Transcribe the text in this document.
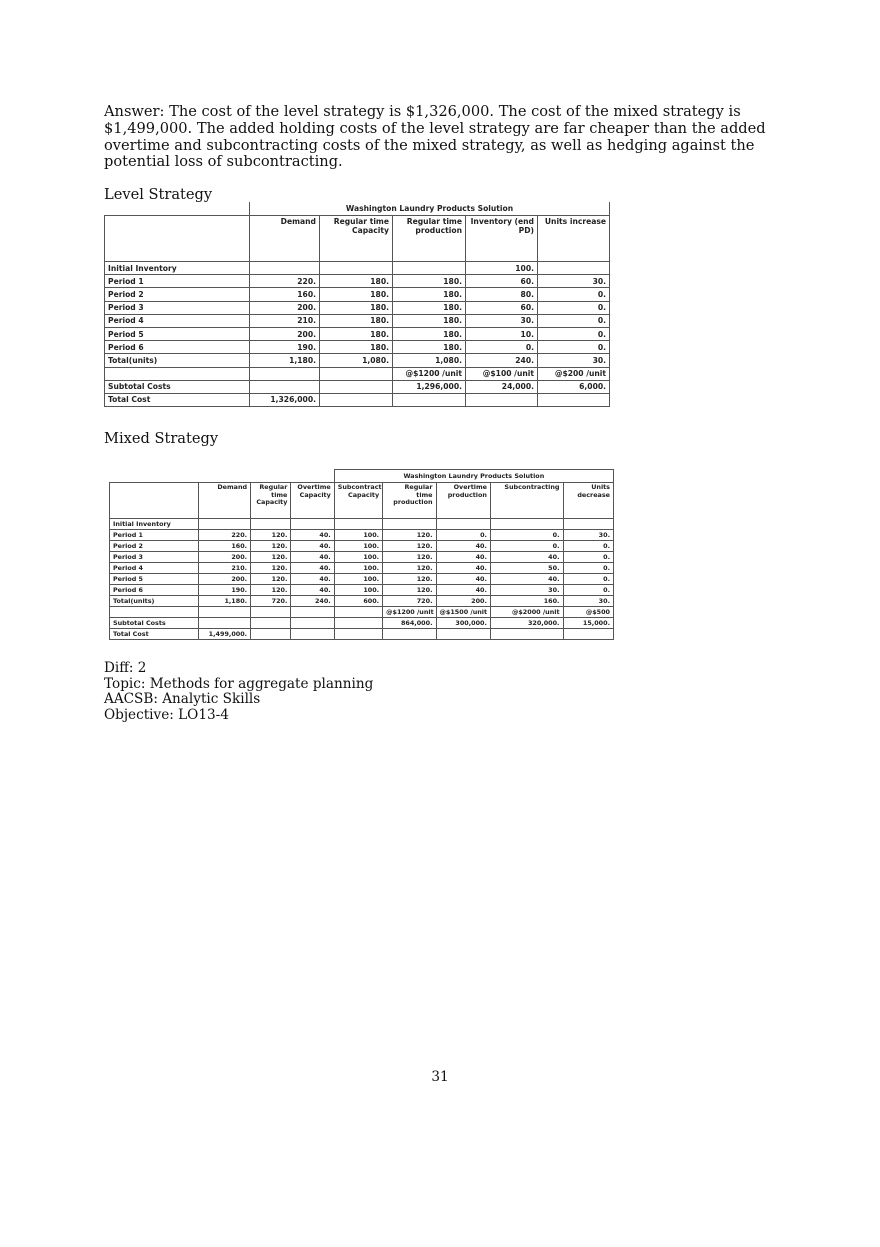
Answer: The cost of the level strategy is $1,326,000. The cost of the mixed strategy is $1,499,000. The added holding costs of the level strategy are far cheaper than the added overtime and subcontracting costs of the mixed strategy, as well as hedging against the potential loss of subcontracting.
Level Strategy
	Washington Laundry Products Solution				
	Demand	Regular time Capacity	Regular time production	Inventory (end PD)	Units increase
Initial Inventory				100.	
Period 1	220.	180.	180.	60.	30.
Period 2	160.	180.	180.	80.	0.
Period 3	200.	180.	180.	60.	0.
Period 4	210.	180.	180.	30.	0.
Period 5	200.	180.	180.	10.	0.
Period 6	190.	180.	180.	0.	0.
Total(units)	1,180.	1,080.	1,080.	240.	30.
			@$1200 /unit	@$100 /unit	@$200 /unit
Subtotal Costs			1,296,000.	24,000.	6,000.
Total Cost	1,326,000.				
Mixed Strategy
				Washington Laundry Products Solution				
	Demand	Regular time Capacity	Overtime Capacity	Subcontract Capacity	Regular time production	Overtime production	Subcontracting	Units decrease
Initial Inventory								
Period 1	220.	120.	40.	100.	120.	0.	0.	30.
Period 2	160.	120.	40.	100.	120.	40.	0.	0.
Period 3	200.	120.	40.	100.	120.	40.	40.	0.
Period 4	210.	120.	40.	100.	120.	40.	50.	0.
Period 5	200.	120.	40.	100.	120.	40.	40.	0.
Period 6	190.	120.	40.	100.	120.	40.	30.	0.
Total(units)	1,180.	720.	240.	600.	720.	200.	160.	30.
					@$1200 /unit	@$1500 /unit	@$2000 /unit	@$500
Subtotal Costs					864,000.	300,000.	320,000.	15,000.
Total Cost	1,499,000.							
Diff: 2
Topic: Methods for aggregate planning
AACSB: Analytic Skills
Objective: LO13-4
31
